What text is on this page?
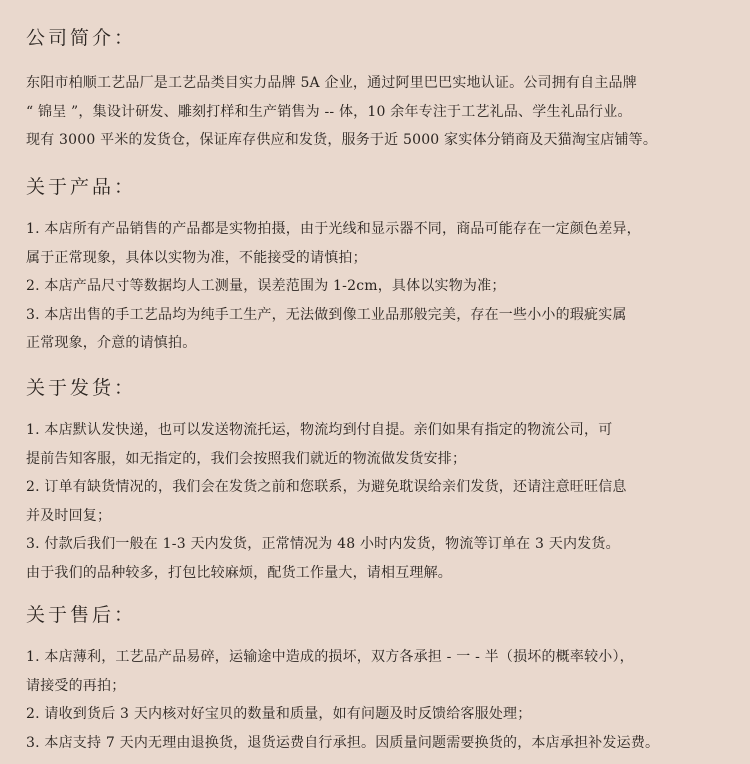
公司简介：
东阳市柏顺工艺品厂是工艺品类目实力品牌 5A 企业，通过阿里巴巴实地认证。公司拥有自主品牌
“ 锦呈 ”，集设计研发、雕刻打样和生产销售为 -- 体，10 余年专注于工艺礼品、学生礼品行业。
现有 3000 平米的发货仓，保证库存供应和发货，服务于近 5000 家实体分销商及天猫淘宝店铺等。
关于产品：
1. 本店所有产品销售的产品都是实物拍摄，由于光线和显示器不同，商品可能存在一定颜色差异，
属于正常现象，具体以实物为准，不能接受的请慎拍；
2. 本店产品尺寸等数据均人工测量，误差范围为 1-2cm，具体以实物为准；
3. 本店出售的手工艺品均为纯手工生产，无法做到像工业品那般完美，存在一些小小的瑕疵实属
正常现象，介意的请慎拍。
关于发货：
1. 本店默认发快递，也可以发送物流托运，物流均到付自提。亲们如果有指定的物流公司，可
提前告知客服，如无指定的，我们会按照我们就近的物流做发货安排；
2. 订单有缺货情况的，我们会在发货之前和您联系，为避免耽误给亲们发货，还请注意旺旺信息
并及时回复；
3. 付款后我们一般在 1-3 天内发货，正常情况为 48 小时内发货，物流等订单在 3 天内发货。
由于我们的品种较多，打包比较麻烦，配货工作量大，请相互理解。
关于售后：
1. 本店薄利，工艺品产品易碎，运输途中造成的损坏，双方各承担 - 一 - 半（损坏的概率较小），
请接受的再拍；
2. 请收到货后 3 天内核对好宝贝的数量和质量，如有问题及时反馈给客服处理；
3. 本店支持 7 天内无理由退换货，退货运费自行承担。因质量问题需要换货的，本店承担补发运费。
